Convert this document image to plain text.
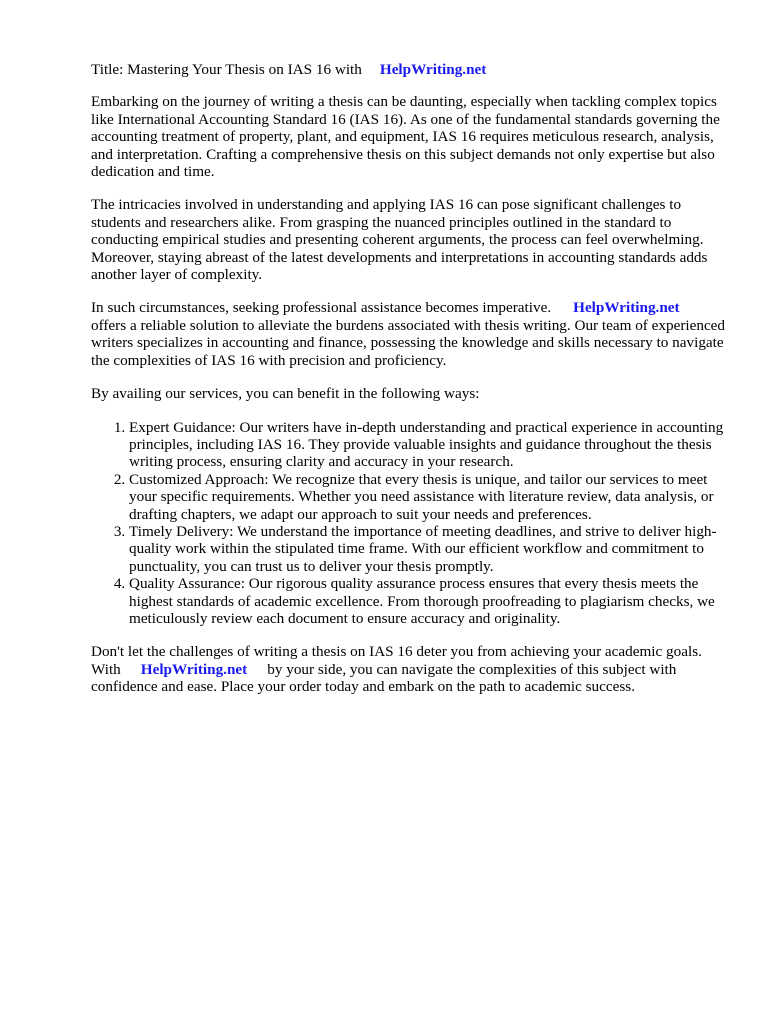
Title: Mastering Your Thesis on IAS 16 with HelpWriting.net

Embarking on the journey of writing a thesis can be daunting, especially when tackling complex topics like International Accounting Standard 16 (IAS 16). As one of the fundamental standards governing the accounting treatment of property, plant, and equipment, IAS 16 requires meticulous research, analysis, and interpretation. Crafting a comprehensive thesis on this subject demands not only expertise but also dedication and time.

The intricacies involved in understanding and applying IAS 16 can pose significant challenges to students and researchers alike. From grasping the nuanced principles outlined in the standard to conducting empirical studies and presenting coherent arguments, the process can feel overwhelming. Moreover, staying abreast of the latest developments and interpretations in accounting standards adds another layer of complexity.

In such circumstances, seeking professional assistance becomes imperative. HelpWriting.net
offers a reliable solution to alleviate the burdens associated with thesis writing. Our team of experienced writers specializes in accounting and finance, possessing the knowledge and skills necessary to navigate the complexities of IAS 16 with precision and proficiency.

By availing our services, you can benefit in the following ways:

1. Expert Guidance: Our writers have in-depth understanding and practical experience in accounting principles, including IAS 16. They provide valuable insights and guidance throughout the thesis writing process, ensuring clarity and accuracy in your research.
2. Customized Approach: We recognize that every thesis is unique, and tailor our services to meet your specific requirements. Whether you need assistance with literature review, data analysis, or drafting chapters, we adapt our approach to suit your needs and preferences.
3. Timely Delivery: We understand the importance of meeting deadlines, and strive to deliver high-quality work within the stipulated time frame. With our efficient workflow and commitment to punctuality, you can trust us to deliver your thesis promptly.
4. Quality Assurance: Our rigorous quality assurance process ensures that every thesis meets the highest standards of academic excellence. From thorough proofreading to plagiarism checks, we meticulously review each document to ensure accuracy and originality.

Don't let the challenges of writing a thesis on IAS 16 deter you from achieving your academic goals. With HelpWriting.net by your side, you can navigate the complexities of this subject with confidence and ease. Place your order today and embark on the path to academic success.
